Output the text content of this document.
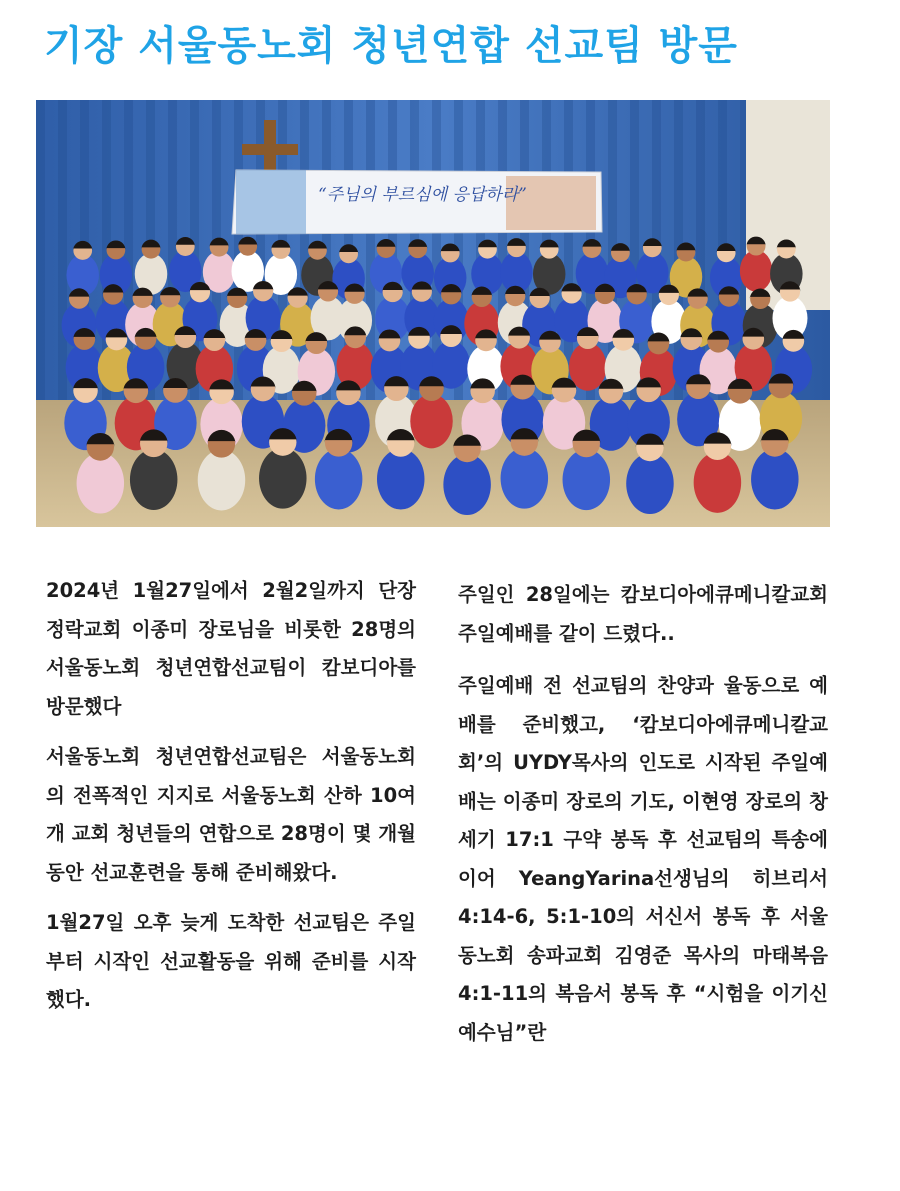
기장 서울동노회 청년연합 선교팀 방문
“주님의 부르심에 응답하라”

2024년 1월27일에서 2월2일까지 단장 정락교회 이종미 장로님을 비롯한 28명의 서울동노회 청년연합선교팀이 캄보디아를 방문했다

서울동노회 청년연합선교팀은 서울동노회의 전폭적인 지지로 서울동노회 산하 10여개 교회 청년들의 연합으로 28명이 몇 개월동안 선교훈련을 통해 준비해왔다.

1월27일 오후 늦게 도착한 선교팀은 주일부터 시작인 선교활동을 위해 준비를 시작했다.

주일인 28일에는 캄보디아에큐메니칼교회 주일예배를 같이 드렸다..

주일예배 전 선교팀의 찬양과 율동으로 예배를 준비했고, ‘캄보디아에큐메니칼교회’의 UYDY목사의 인도로 시작된 주일예배는 이종미 장로의 기도, 이현영 장로의 창세기 17:1 구약 봉독 후 선교팀의 특송에 이어 YeangYarina선생님의 히브리서 4:14-6, 5:1-10의 서신서 봉독 후 서울동노회 송파교회 김영준 목사의 마태복음 4:1-11의 복음서 봉독 후 “시험을 이기신 예수님”란
